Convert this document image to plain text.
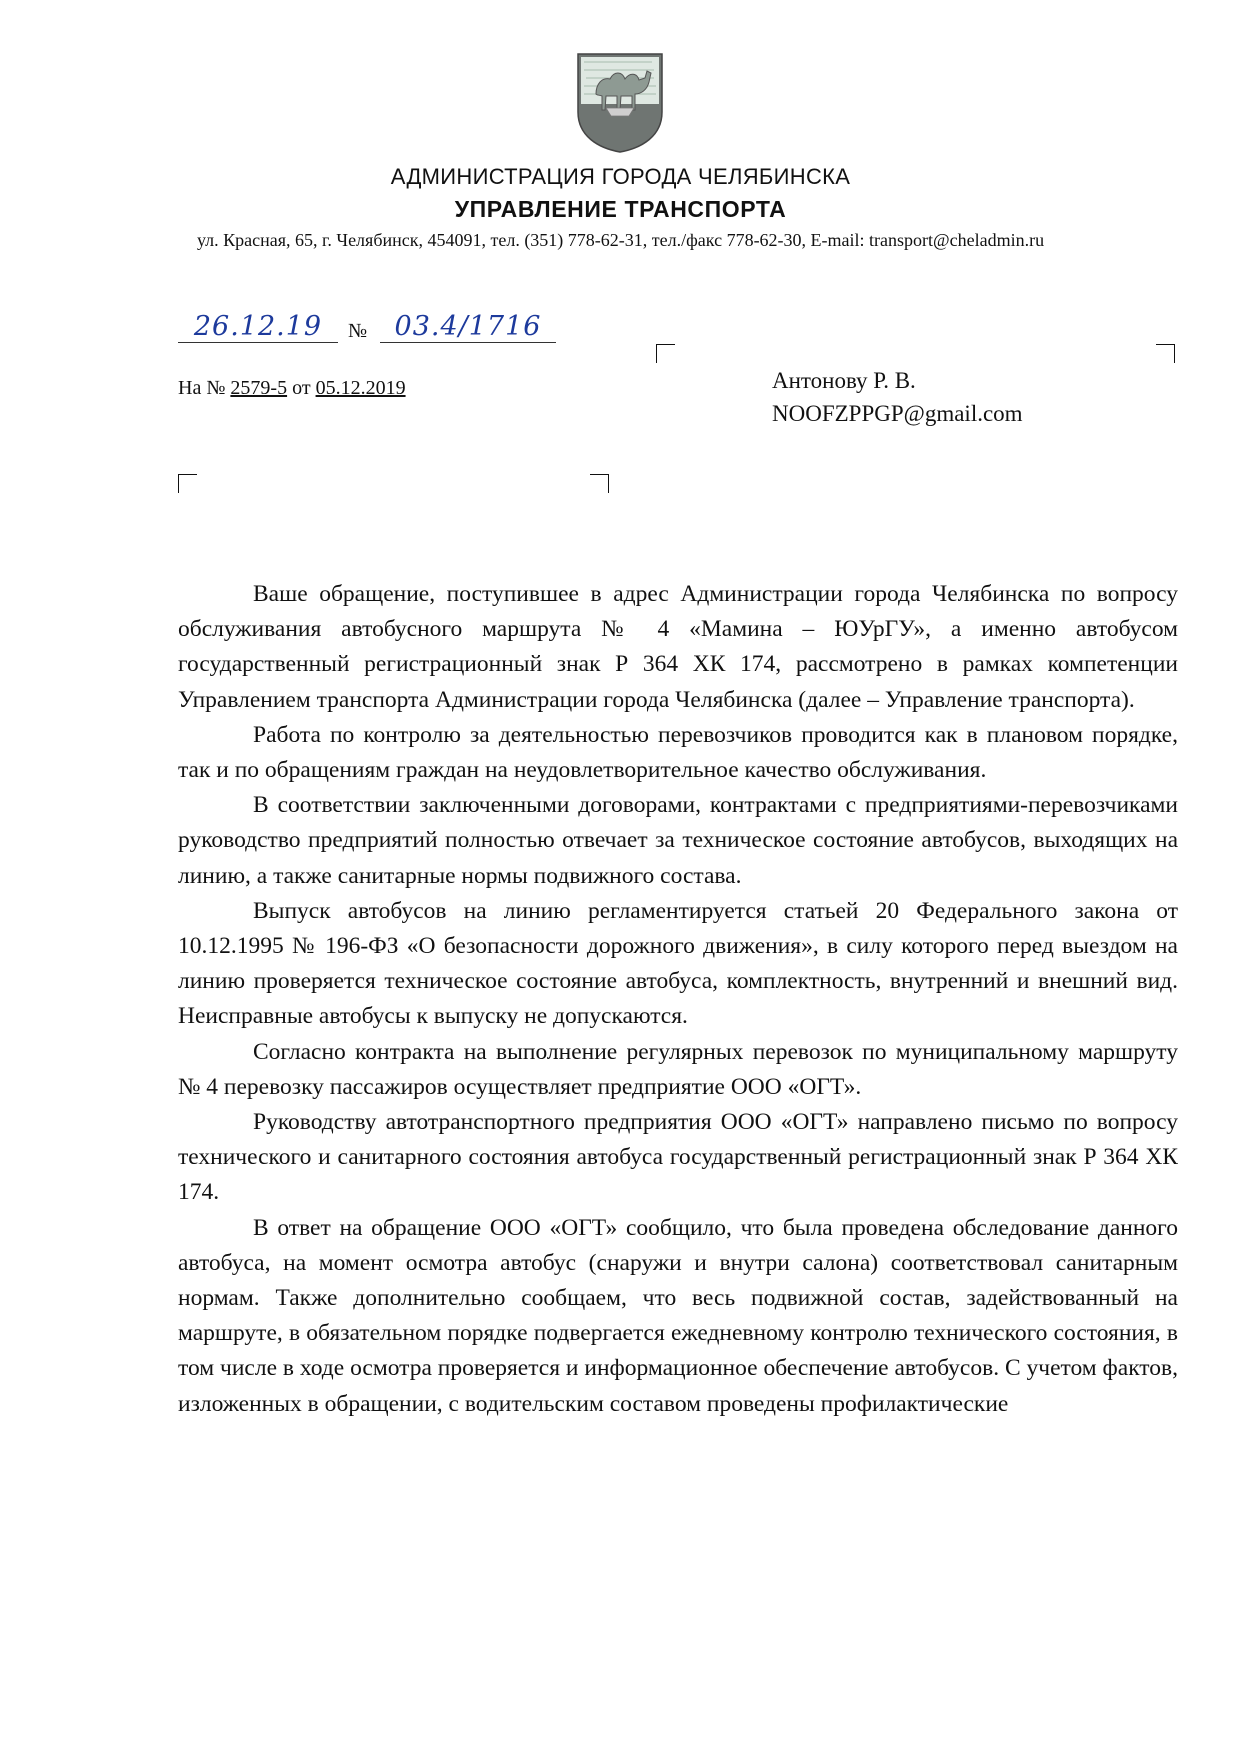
АДМИНИСТРАЦИЯ ГОРОДА ЧЕЛЯБИНСКА
УПРАВЛЕНИЕ ТРАНСПОРТА
ул. Красная, 65, г. Челябинск, 454091, тел. (351) 778-62-31, тел./факс 778-62-30, E-mail: transport@cheladmin.ru
26.12.19	№	03.4/1716
На № 2579-5 от 05.12.2019	Антонову Р. В.
NOOFZPPGP@gmail.com

Ваше обращение, поступившее в адрес Администрации города Челябинска по вопросу обслуживания автобусного маршрута № 4 «Мамина – ЮУрГУ», а именно автобусом государственный регистрационный знак Р 364 ХК 174, рассмотрено в рамках компетенции Управлением транспорта Администрации города Челябинска (далее – Управление транспорта).

Работа по контролю за деятельностью перевозчиков проводится как в плановом порядке, так и по обращениям граждан на неудовлетворительное качество обслуживания.

В соответствии заключенными договорами, контрактами с предприятиями-перевозчиками руководство предприятий полностью отвечает за техническое состояние автобусов, выходящих на линию, а также санитарные нормы подвижного состава.

Выпуск автобусов на линию регламентируется статьей 20 Федерального закона от 10.12.1995 № 196-ФЗ «О безопасности дорожного движения», в силу которого перед выездом на линию проверяется техническое состояние автобуса, комплектность, внутренний и внешний вид. Неисправные автобусы к выпуску не допускаются.

Согласно контракта на выполнение регулярных перевозок по муниципальному маршруту № 4 перевозку пассажиров осуществляет предприятие ООО «ОГТ».

Руководству автотранспортного предприятия ООО «ОГТ» направлено письмо по вопросу технического и санитарного состояния автобуса государственный регистрационный знак Р 364 ХК 174.

В ответ на обращение ООО «ОГТ» сообщило, что была проведена обследование данного автобуса, на момент осмотра автобус (снаружи и внутри салона) соответствовал санитарным нормам. Также дополнительно сообщаем, что весь подвижной состав, задействованный на маршруте, в обязательном порядке подвергается ежедневному контролю технического состояния, в том числе в ходе осмотра проверяется и информационное обеспечение автобусов. С учетом фактов, изложенных в обращении, с водительским составом проведены профилактические
